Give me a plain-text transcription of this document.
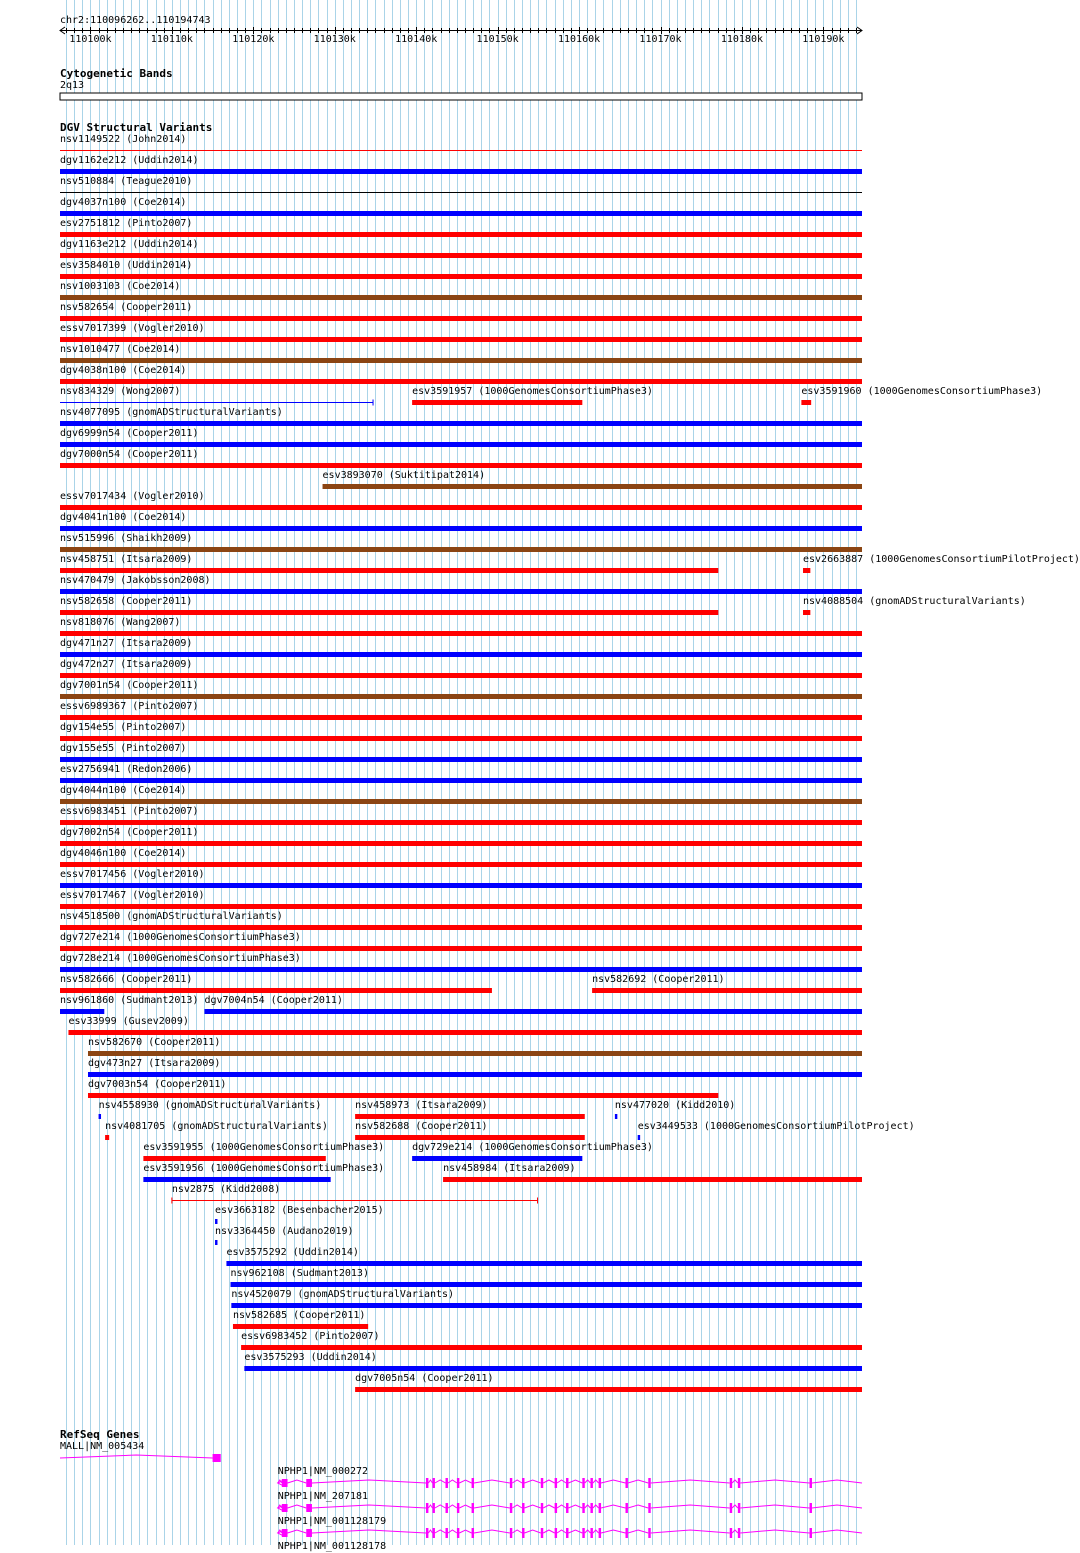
chr2:110096262..110194743
110100k	110110k	110120k	110130k	110140k	110150k	110160k	110170k	110180k	110190k
Cytogenetic Bands
2q13
DGV Structural Variants
nsv1149522 (John2014)
dgv1162e212 (Uddin2014)
nsv510884 (Teague2010)
dgv4037n100 (Coe2014)
esv2751812 (Pinto2007)
dgv1163e212 (Uddin2014)
esv3584010 (Uddin2014)
nsv1003103 (Coe2014)
nsv582654 (Cooper2011)
essv7017399 (Vogler2010)
nsv1010477 (Coe2014)
dgv4038n100 (Coe2014)
nsv834329 (Wong2007)	esv3591957 (1000GenomesConsortiumPhase3)	esv3591960 (1000GenomesConsortiumPhase3)
nsv4077095 (gnomADStructuralVariants)
dgv6999n54 (Cooper2011)
dgv7000n54 (Cooper2011)
esv3893070 (Suktitipat2014)
essv7017434 (Vogler2010)
dgv4041n100 (Coe2014)
nsv515996 (Shaikh2009)
nsv458751 (Itsara2009)	esv2663887 (1000GenomesConsortiumPilotProject)
nsv470479 (Jakobsson2008)
nsv582658 (Cooper2011)	nsv4088504 (gnomADStructuralVariants)
nsv818076 (Wang2007)
dgv471n27 (Itsara2009)
dgv472n27 (Itsara2009)
dgv7001n54 (Cooper2011)
essv6989367 (Pinto2007)
dgv154e55 (Pinto2007)
dgv155e55 (Pinto2007)
esv2756941 (Redon2006)
dgv4044n100 (Coe2014)
essv6983451 (Pinto2007)
dgv7002n54 (Cooper2011)
dgv4046n100 (Coe2014)
essv7017456 (Vogler2010)
essv7017467 (Vogler2010)
nsv4518500 (gnomADStructuralVariants)
dgv727e214 (1000GenomesConsortiumPhase3)
dgv728e214 (1000GenomesConsortiumPhase3)
nsv582666 (Cooper2011)	nsv582692 (Cooper2011)
nsv961860 (Sudmant2013) dgv7004n54 (Cooper2011)
esv33999 (Gusev2009)
nsv582670 (Cooper2011)
dgv473n27 (Itsara2009)
dgv7003n54 (Cooper2011)
nsv4558930 (gnomADStructuralVariants)	nsv458973 (Itsara2009)	nsv477020 (Kidd2010)
nsv4081705 (gnomADStructuralVariants)	nsv582688 (Cooper2011)	esv3449533 (1000GenomesConsortiumPilotProject)
esv3591955 (1000GenomesConsortiumPhase3)	dgv729e214 (1000GenomesConsortiumPhase3)
esv3591956 (1000GenomesConsortiumPhase3)	nsv458984 (Itsara2009)
nsv2875 (Kidd2008)
esv3663182 (Besenbacher2015)
nsv3364450 (Audano2019)
esv3575292 (Uddin2014)
nsv962108 (Sudmant2013)
nsv4520079 (gnomADStructuralVariants)
nsv582685 (Cooper2011)
essv6983452 (Pinto2007)
esv3575293 (Uddin2014)
dgv7005n54 (Cooper2011)
RefSeq Genes
MALL|NM_005434
NPHP1|NM_000272
NPHP1|NM_207181
NPHP1|NM_001128179
NPHP1|NM_001128178
